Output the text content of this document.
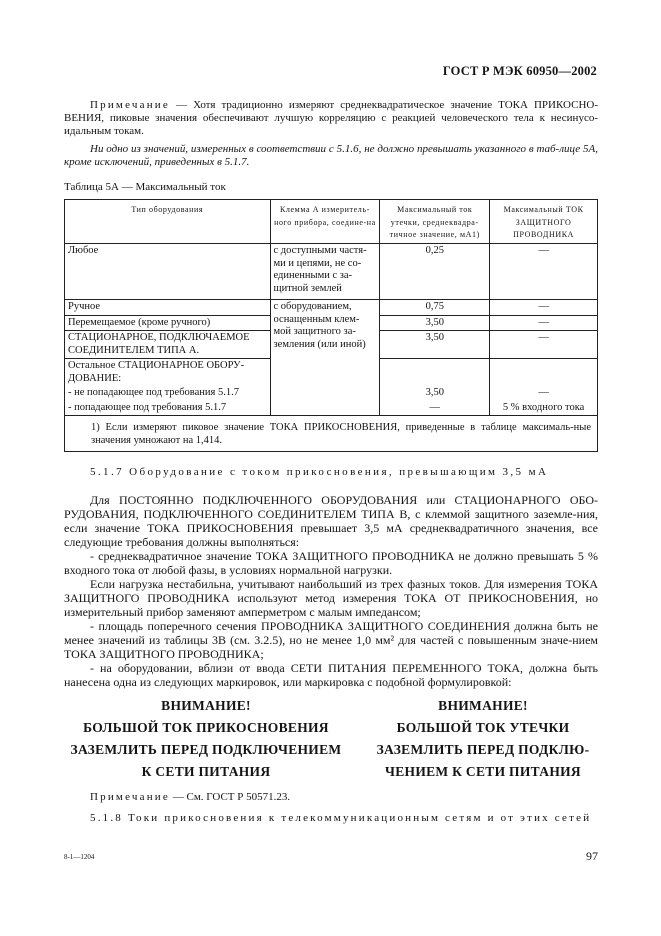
ГОСТ Р МЭК 60950—2002
Примечание — Хотя традиционно измеряют среднеквадратическое значение ТОКА ПРИКОСНО-ВЕНИЯ, пиковые значения обеспечивают лучшую корреляцию с реакцией человеческого тела к несинусо-идальным токам.
Ни одно из значений, измеренных в соответствии с 5.1.6, не должно превышать указанного в таб-лице 5А, кроме исключений, приведенных в 5.1.7.
Таблица 5А — Максимальный ток
Тип оборудования	Клемма А измеритель-ного прибора, соедине-на	Максимальный ток утечки, среднеквадра-тичное значение, мА1)	Максимальный ТОК ЗАЩИТНОГО ПРОВОДНИКА
Любое	с доступными частя-ми и цепями, не со-единенными с за-щитной землей	0,25	—
Ручное	с оборудованием, оснащенным клем-мой защитного за-земления (или иной)	0,75	—
Перемещаемое (кроме ручного)		3,50	—
СТАЦИОНАРНОЕ, ПОДКЛЮЧАЕМОЕ СОЕДИНИТЕЛЕМ ТИПА А.		3,50	—
Остальное СТАЦИОНАРНОЕ ОБОРУ-ДОВАНИЕ:			
- не попадающее под требования 5.1.7		3,50	—
- попадающее под требования 5.1.7		—	5 % входного тока
1) Если измеряют пиковое значение ТОКА ПРИКОСНОВЕНИЯ, приведенные в таблице максималь-ные значения умножают на 1,414.			
5.1.7 Оборудование с током прикосновения, превышающим 3,5 мА
Для ПОСТОЯННО ПОДКЛЮЧЕННОГО ОБОРУДОВАНИЯ или СТАЦИОНАРНОГО ОБО-РУДОВАНИЯ, ПОДКЛЮЧЕННОГО СОЕДИНИТЕЛЕМ ТИПА В, с клеммой защитного заземле-ния, если значение ТОКА ПРИКОСНОВЕНИЯ превышает 3,5 мА среднеквадратичного значения, все следующие требования должны выполняться:
- среднеквадратичное значение ТОКА ЗАЩИТНОГО ПРОВОДНИКА не должно превышать 5 % входного тока от любой фазы, в условиях нормальной нагрузки.
Если нагрузка нестабильна, учитывают наибольший из трех фазных токов. Для измерения ТОКА ЗАЩИТНОГО ПРОВОДНИКА используют метод измерения ТОКА ОТ ПРИКОСНОВЕНИЯ, но измерительный прибор заменяют амперметром с малым импедансом;
- площадь поперечного сечения ПРОВОДНИКА ЗАЩИТНОГО СОЕДИНЕНИЯ должна быть не менее значений из таблицы 3В (см. 3.2.5), но не менее 1,0 мм² для частей с повышенным значе-нием ТОКА ЗАЩИТНОГО ПРОВОДНИКА;
- на оборудовании, вблизи от ввода СЕТИ ПИТАНИЯ ПЕРЕМЕННОГО ТОКА, должна быть нанесена одна из следующих маркировок, или маркировка с подобной формулировкой:
ВНИМАНИЕ!
БОЛЬШОЙ ТОК ПРИКОСНОВЕНИЯ
ЗАЗЕМЛИТЬ ПЕРЕД ПОДКЛЮЧЕНИЕМ
К СЕТИ ПИТАНИЯ
ВНИМАНИЕ!
БОЛЬШОЙ ТОК УТЕЧКИ
ЗАЗЕМЛИТЬ ПЕРЕД ПОДКЛЮ-
ЧЕНИЕМ К СЕТИ ПИТАНИЯ
Примечание — См. ГОСТ Р 50571.23.
5.1.8 Токи прикосновения к телекоммуникационным сетям и от этих сетей
8-1—1204	97
